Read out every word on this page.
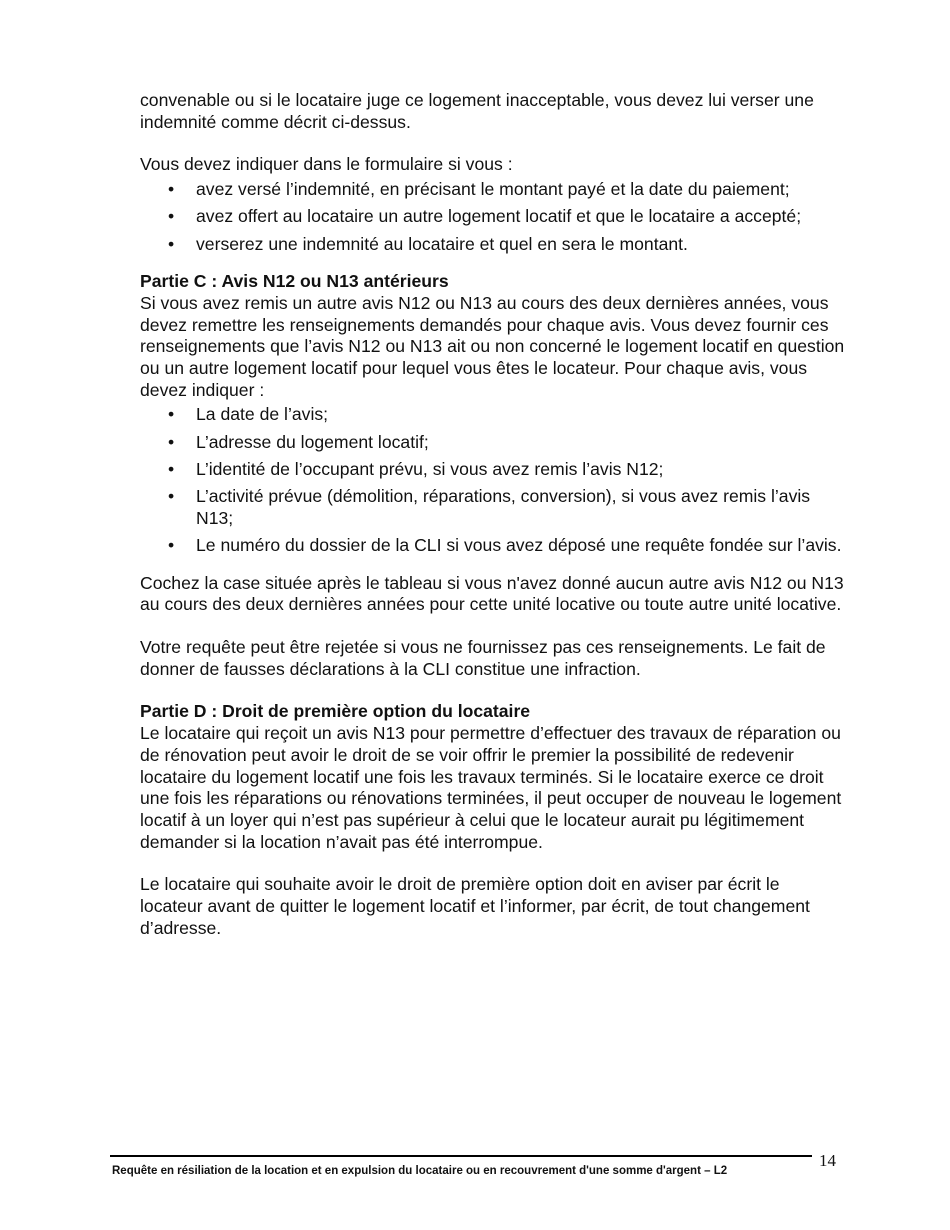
convenable ou si le locataire juge ce logement inacceptable, vous devez lui verser une indemnité comme décrit ci-dessus.

Vous devez indiquer dans le formulaire si vous :

• avez versé l’indemnité, en précisant le montant payé et la date du paiement;
• avez offert au locataire un autre logement locatif et que le locataire a accepté;
• verserez une indemnité au locataire et quel en sera le montant.

Partie C : Avis N12 ou N13 antérieurs

Si vous avez remis un autre avis N12 ou N13 au cours des deux dernières années, vous devez remettre les renseignements demandés pour chaque avis. Vous devez fournir ces renseignements que l’avis N12 ou N13 ait ou non concerné le logement locatif en question ou un autre logement locatif pour lequel vous êtes le locateur. Pour chaque avis, vous devez indiquer :

• La date de l’avis;
• L’adresse du logement locatif;
• L’identité de l’occupant prévu, si vous avez remis l’avis N12;
• L’activité prévue (démolition, réparations, conversion), si vous avez remis l’avis N13;
• Le numéro du dossier de la CLI si vous avez déposé une requête fondée sur l’avis.

Cochez la case située après le tableau si vous n'avez donné aucun autre avis N12 ou N13 au cours des deux dernières années pour cette unité locative ou toute autre unité locative.

Votre requête peut être rejetée si vous ne fournissez pas ces renseignements. Le fait de donner de fausses déclarations à la CLI constitue une infraction.

Partie D : Droit de première option du locataire

Le locataire qui reçoit un avis N13 pour permettre d’effectuer des travaux de réparation ou de rénovation peut avoir le droit de se voir offrir le premier la possibilité de redevenir locataire du logement locatif une fois les travaux terminés. Si le locataire exerce ce droit une fois les réparations ou rénovations terminées, il peut occuper de nouveau le logement locatif à un loyer qui n’est pas supérieur à celui que le locateur aurait pu légitimement demander si la location n’avait pas été interrompue.

Le locataire qui souhaite avoir le droit de première option doit en aviser par écrit le locateur avant de quitter le logement locatif et l’informer, par écrit, de tout changement d’adresse.

Requête en résiliation de la location et en expulsion du locataire ou en recouvrement d'une somme d'argent – L2
14
